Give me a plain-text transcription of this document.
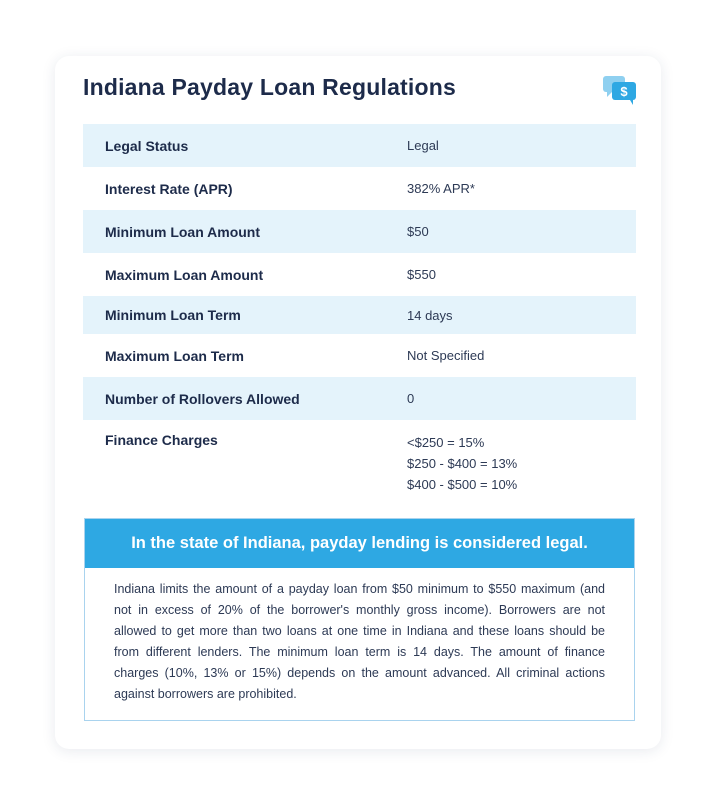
Indiana Payday Loan Regulations	$
Legal Status	Legal
Interest Rate (APR)	382% APR*
Minimum Loan Amount	$50
Maximum Loan Amount	$550
Minimum Loan Term	14 days
Maximum Loan Term	Not Specified
Number of Rollovers Allowed	0
Finance Charges	<$250 = 15%
$250 - $400 = 13%
$400 - $500 = 10%
In the state of Indiana, payday lending is considered legal.
Indiana limits the amount of a payday loan from $50 minimum to $550 maximum (and not in excess of 20% of the borrower's monthly gross income). Borrowers are not allowed to get more than two loans at one time in Indiana and these loans should be from different lenders. The minimum loan term is 14 days. The amount of finance charges (10%, 13% or 15%) depends on the amount advanced. All criminal actions against borrowers are prohibited.
